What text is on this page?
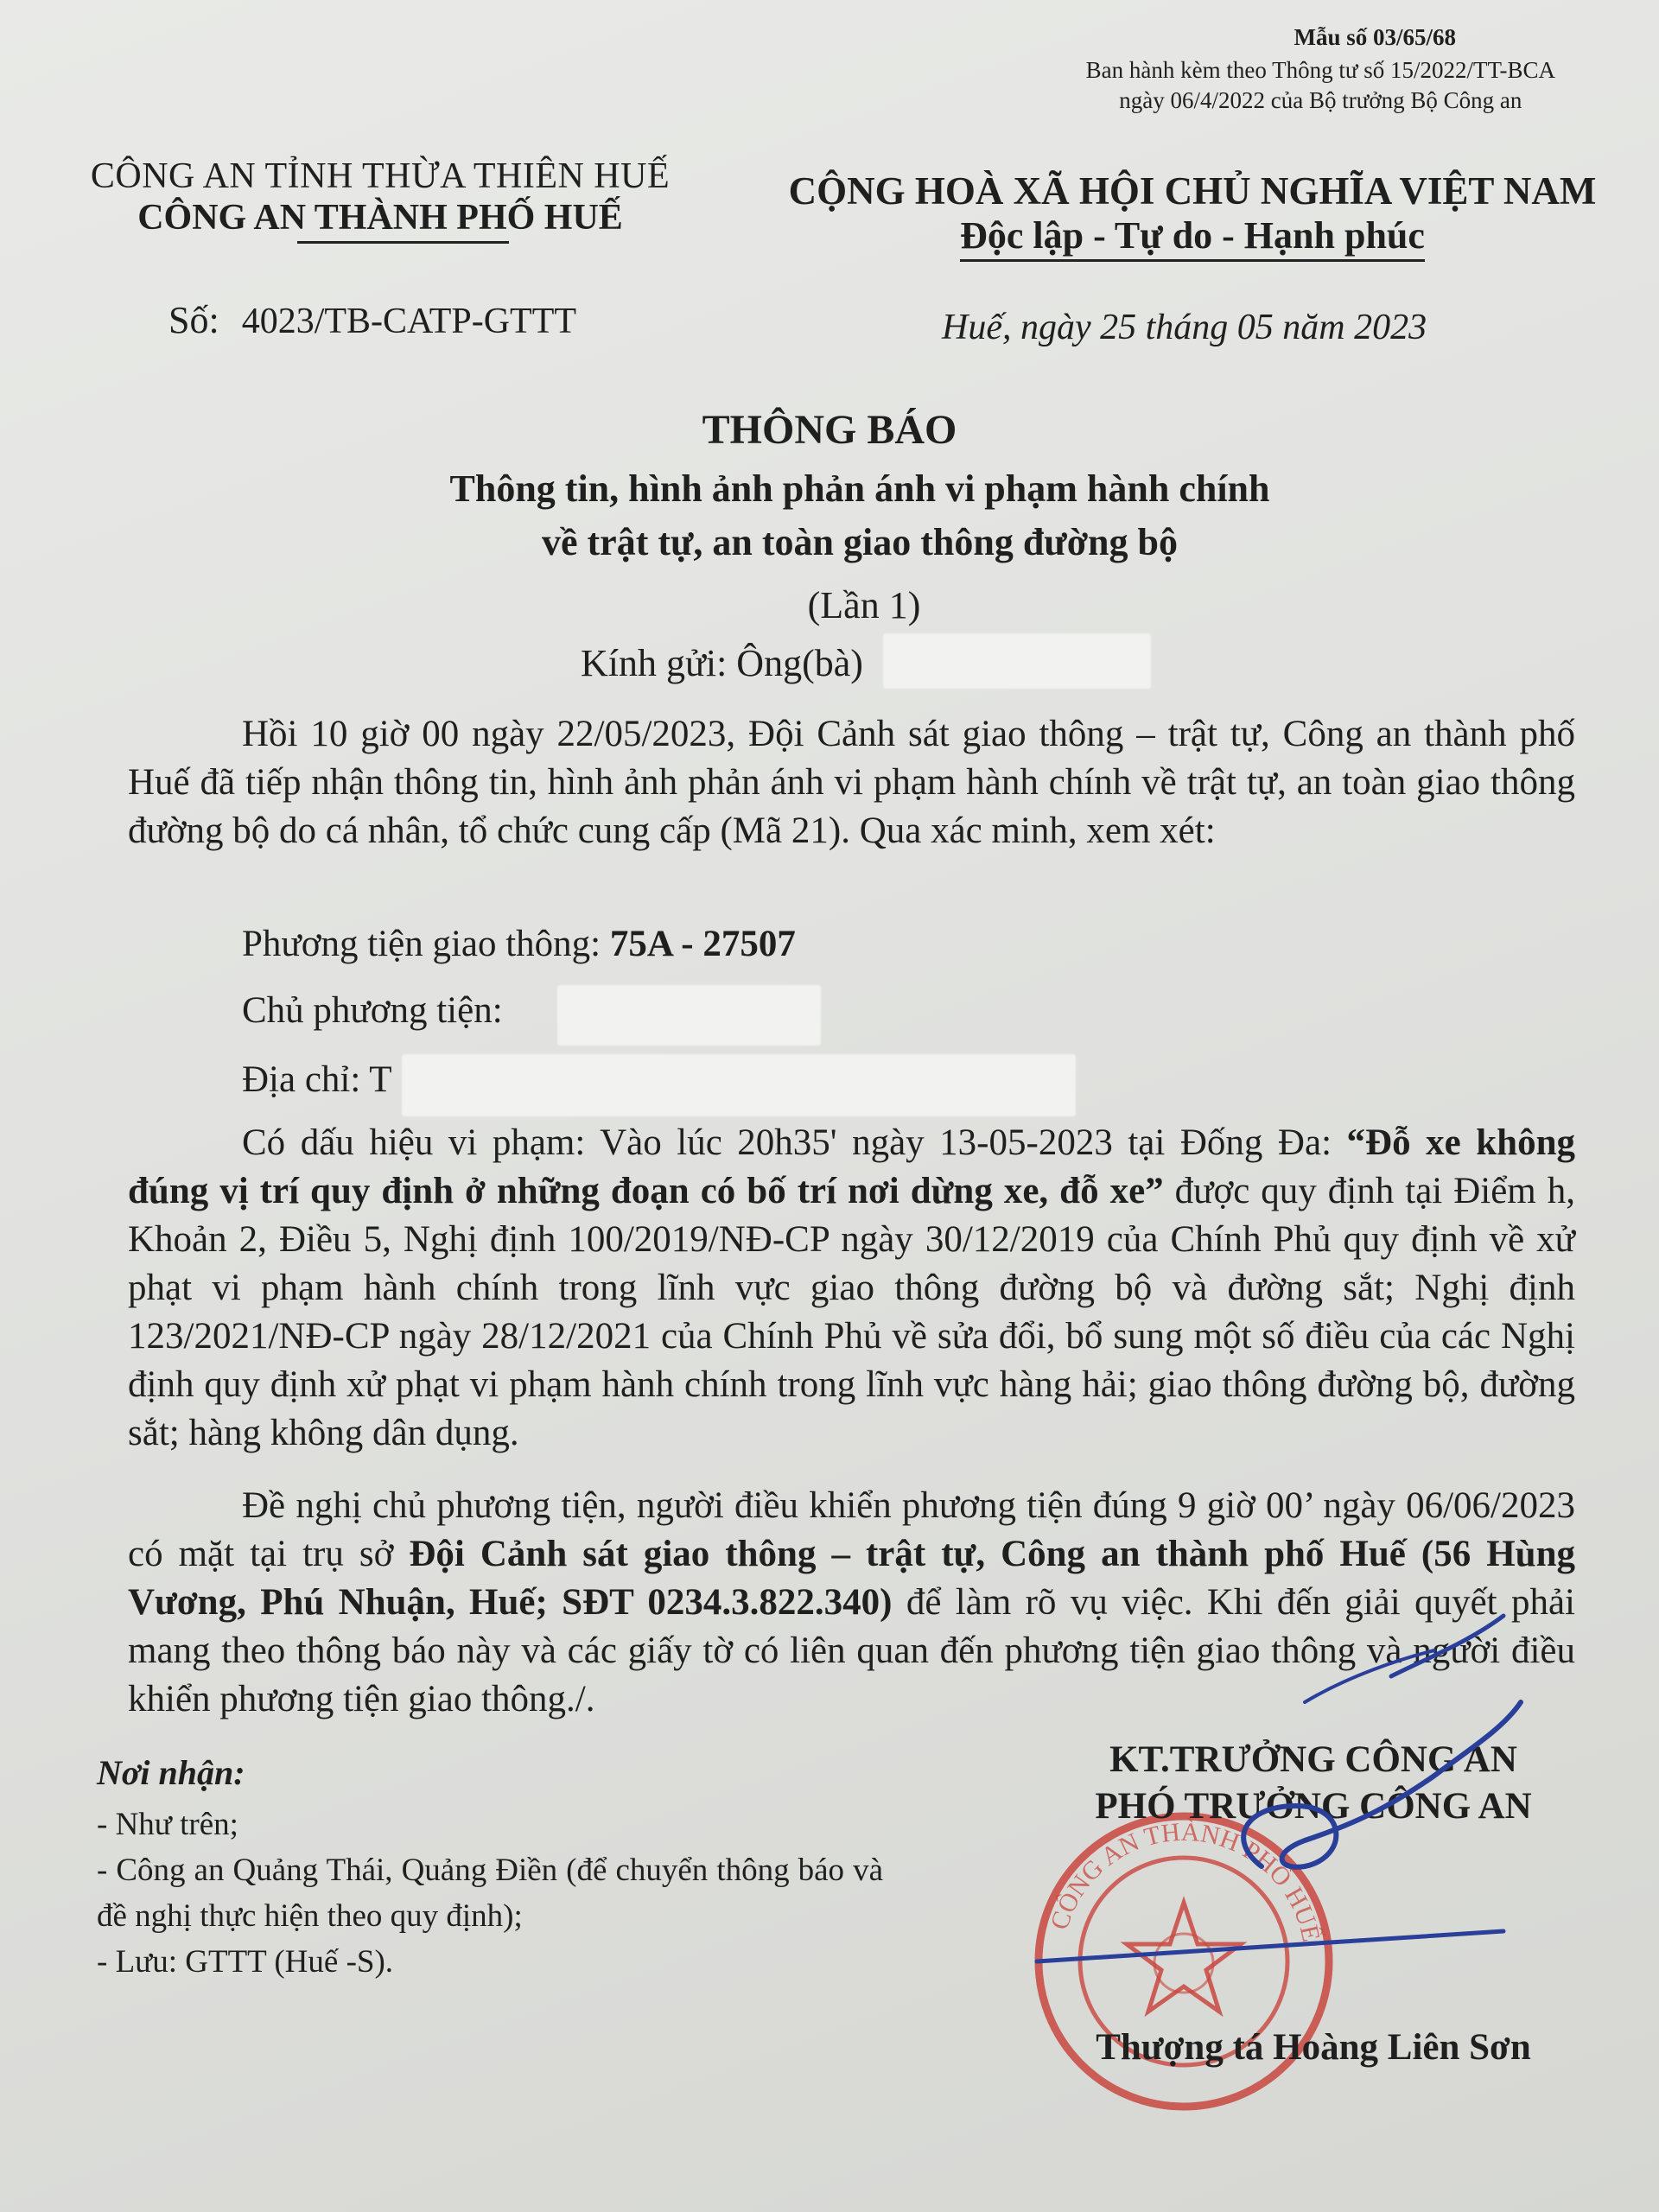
Mẫu số 03/65/68
Ban hành kèm theo Thông tư số 15/2022/TT-BCA
ngày 06/4/2022 của Bộ trưởng Bộ Công an
CÔNG AN TỈNH THỪA THIÊN HUẾ
CÔNG AN THÀNH PHỐ HUẾ
CỘNG HOÀ XÃ HỘI CHỦ NGHĨA VIỆT NAM
Độc lập - Tự do - Hạnh phúc
Số: 4023/TB-CATP-GTTT	Huế, ngày 25 tháng 05 năm 2023
THÔNG BÁO
Thông tin, hình ảnh phản ánh vi phạm hành chính
về trật tự, an toàn giao thông đường bộ
(Lần 1)
Kính gửi: Ông(bà)
Hồi 10 giờ 00 ngày 22/05/2023, Đội Cảnh sát giao thông – trật tự, Công an thành phố Huế đã tiếp nhận thông tin, hình ảnh phản ánh vi phạm hành chính về trật tự, an toàn giao thông đường bộ do cá nhân, tổ chức cung cấp (Mã 21). Qua xác minh, xem xét:
Phương tiện giao thông: 75A - 27507
Chủ phương tiện:
Địa chỉ: T
Có dấu hiệu vi phạm: Vào lúc 20h35' ngày 13-05-2023 tại Đống Đa: “Đỗ xe không đúng vị trí quy định ở những đoạn có bố trí nơi dừng xe, đỗ xe” được quy định tại Điểm h, Khoản 2, Điều 5, Nghị định 100/2019/NĐ-CP ngày 30/12/2019 của Chính Phủ quy định về xử phạt vi phạm hành chính trong lĩnh vực giao thông đường bộ và đường sắt; Nghị định 123/2021/NĐ-CP ngày 28/12/2021 của Chính Phủ về sửa đổi, bổ sung một số điều của các Nghị định quy định xử phạt vi phạm hành chính trong lĩnh vực hàng hải; giao thông đường bộ, đường sắt; hàng không dân dụng.
Đề nghị chủ phương tiện, người điều khiển phương tiện đúng 9 giờ 00’ ngày 06/06/2023 có mặt tại trụ sở Đội Cảnh sát giao thông – trật tự, Công an thành phố Huế (56 Hùng Vương, Phú Nhuận, Huế; SĐT 0234.3.822.340) để làm rõ vụ việc. Khi đến giải quyết phải mang theo thông báo này và các giấy tờ có liên quan đến phương tiện giao thông và người điều khiển phương tiện giao thông./.
Nơi nhận:
- Như trên;
- Công an Quảng Thái, Quảng Điền (để chuyển thông báo và đề nghị thực hiện theo quy định);
- Lưu: GTTT (Huế -S).
CÔNG AN THÀNH PHỐ HUẾ
KT.TRƯỞNG CÔNG AN
PHÓ TRƯỞNG CÔNG AN
Thượng tá Hoàng Liên Sơn
